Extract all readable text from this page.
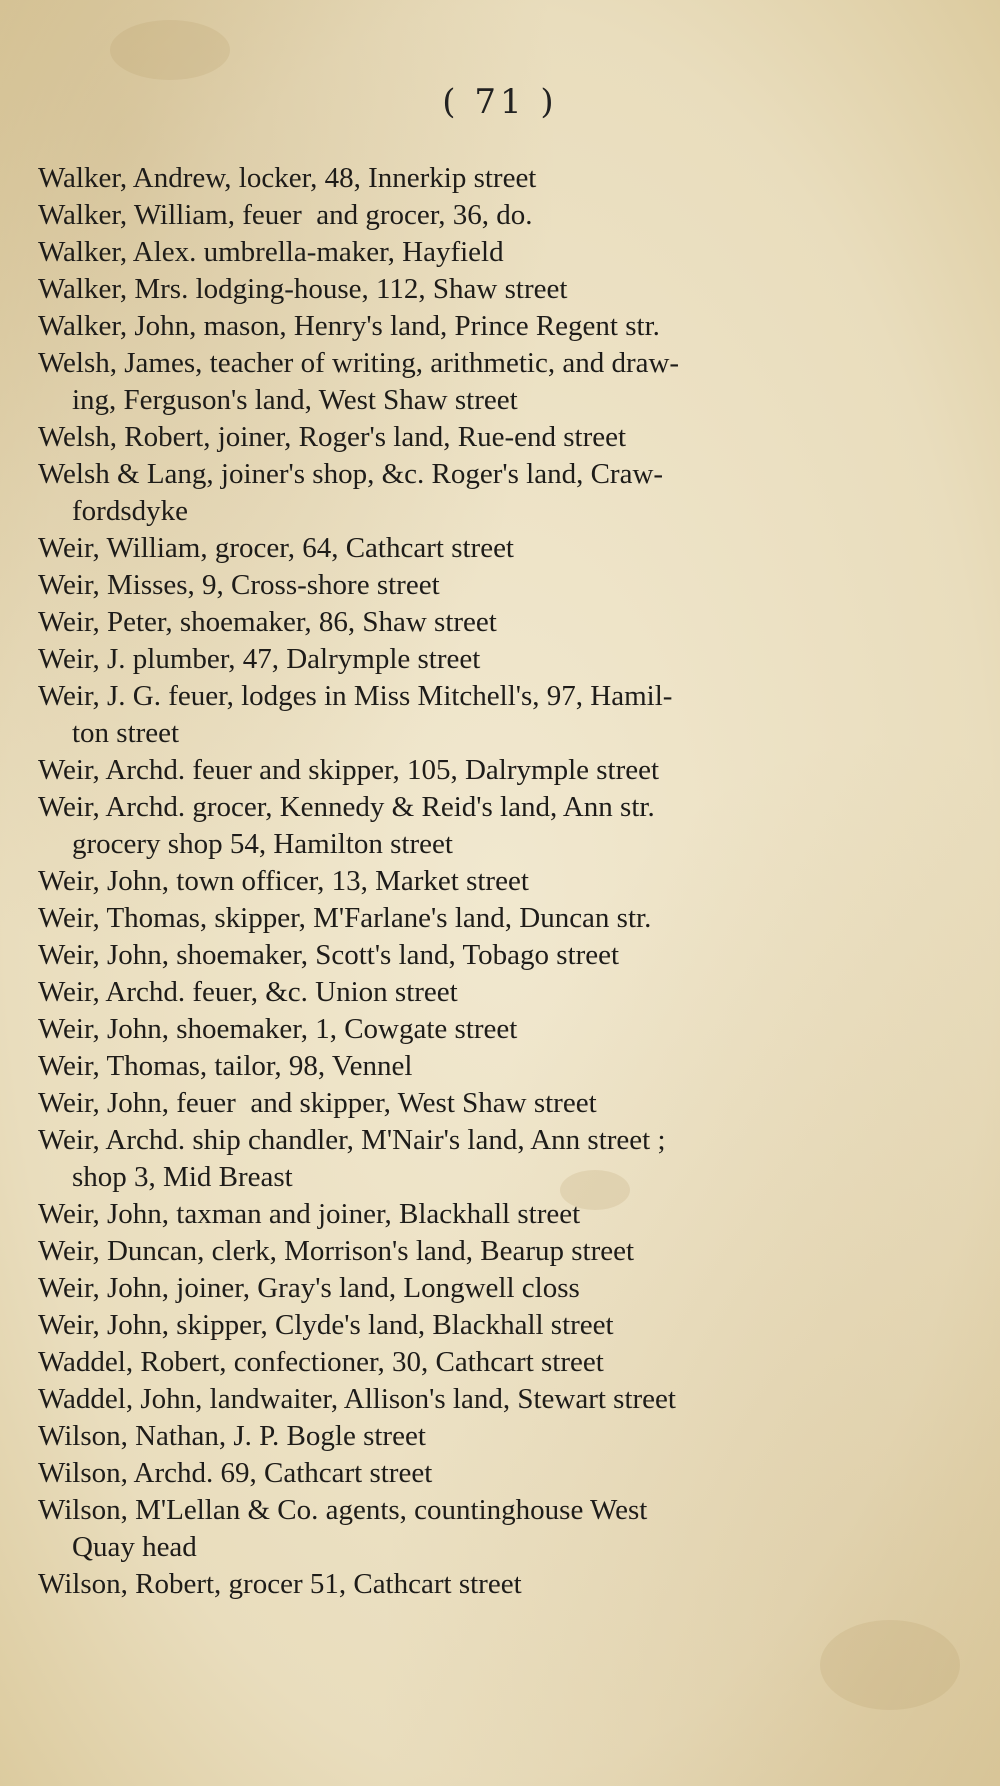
( 71 )
Walker, Andrew, locker, 48, Innerkip street
Walker, William, feuer  and grocer, 36, do.
Walker, Alex. umbrella-maker, Hayfield
Walker, Mrs. lodging-house, 112, Shaw street
Walker, John, mason, Henry's land, Prince Regent str.
Welsh, James, teacher of writing, arithmetic, and draw-
ing, Ferguson's land, West Shaw street
Welsh, Robert, joiner, Roger's land, Rue-end street
Welsh & Lang, joiner's shop, &c. Roger's land, Craw-
fordsdyke
Weir, William, grocer, 64, Cathcart street
Weir, Misses, 9, Cross-shore street
Weir, Peter, shoemaker, 86, Shaw street
Weir, J. plumber, 47, Dalrymple street
Weir, J. G. feuer, lodges in Miss Mitchell's, 97, Hamil-
ton street
Weir, Archd. feuer and skipper, 105, Dalrymple street
Weir, Archd. grocer, Kennedy & Reid's land, Ann str.
grocery shop 54, Hamilton street
Weir, John, town officer, 13, Market street
Weir, Thomas, skipper, M'Farlane's land, Duncan str.
Weir, John, shoemaker, Scott's land, Tobago street
Weir, Archd. feuer, &c. Union street
Weir, John, shoemaker, 1, Cowgate street
Weir, Thomas, tailor, 98, Vennel
Weir, John, feuer  and skipper, West Shaw street
Weir, Archd. ship chandler, M'Nair's land, Ann street ;
shop 3, Mid Breast
Weir, John, taxman and joiner, Blackhall street
Weir, Duncan, clerk, Morrison's land, Bearup street
Weir, John, joiner, Gray's land, Longwell closs
Weir, John, skipper, Clyde's land, Blackhall street
Waddel, Robert, confectioner, 30, Cathcart street
Waddel, John, landwaiter, Allison's land, Stewart street
Wilson, Nathan, J. P. Bogle street
Wilson, Archd. 69, Cathcart street
Wilson, M'Lellan & Co. agents, countinghouse West
Quay head
Wilson, Robert, grocer 51, Cathcart street
